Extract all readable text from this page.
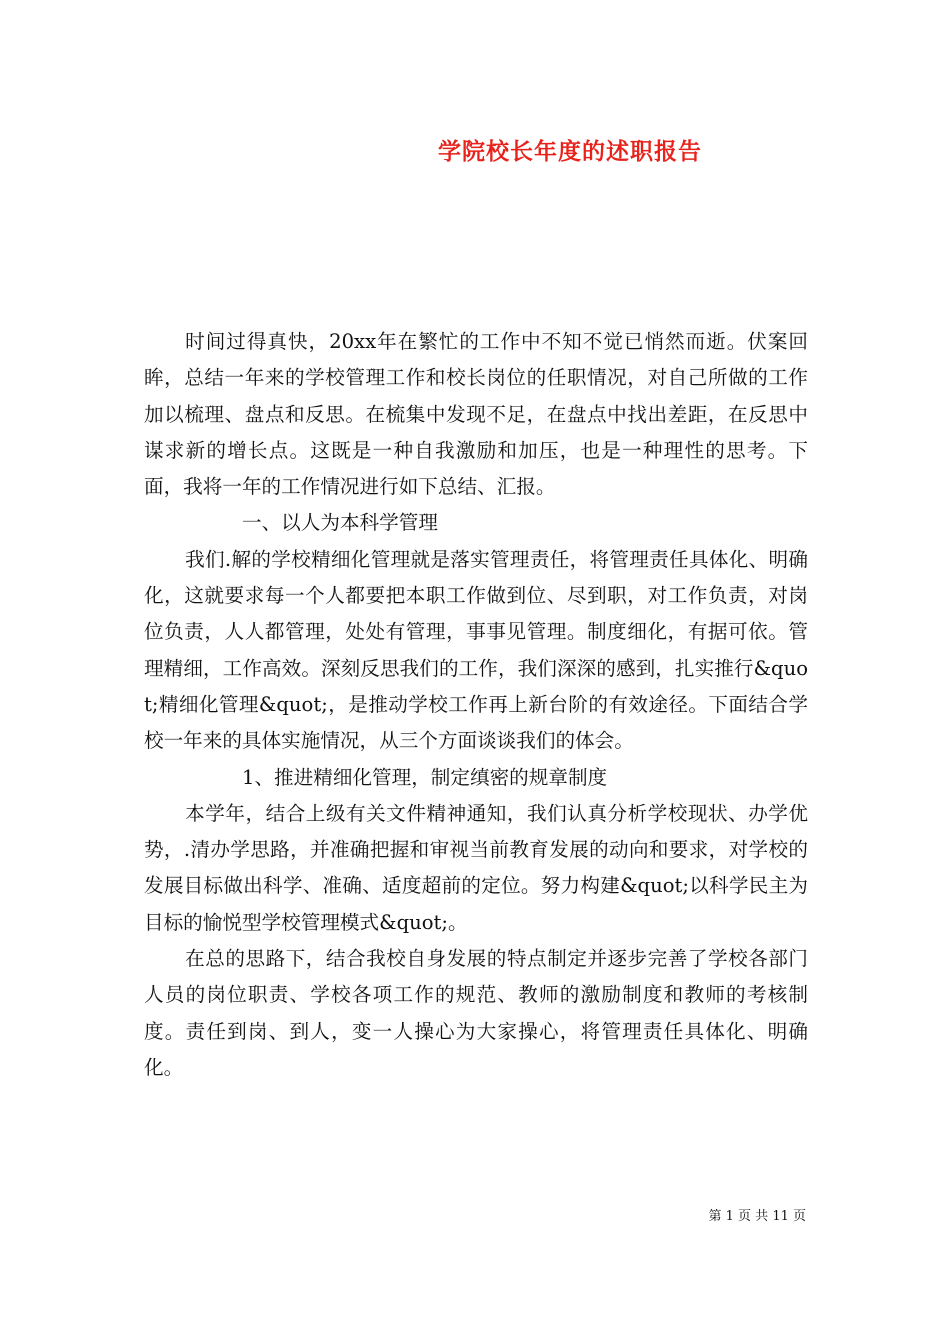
学院校长年度的述职报告

时间过得真快，20xx年在繁忙的工作中不知不觉已悄然而逝。伏案回眸，总结一年来的学校管理工作和校长岗位的任职情况，对自己所做的工作加以梳理、盘点和反思。在梳集中发现不足，在盘点中找出差距，在反思中谋求新的增长点。这既是一种自我激励和加压，也是一种理性的思考。下面，我将一年的工作情况进行如下总结、汇报。

一、以人为本科学管理

我们.解的学校精细化管理就是落实管理责任，将管理责任具体化、明确化，这就要求每一个人都要把本职工作做到位、尽到职，对工作负责，对岗位负责，人人都管理，处处有管理，事事见管理。制度细化，有据可依。管理精细，工作高效。深刻反思我们的工作，我们深深的感到，扎实推行&quot;精细化管理&quot;，是推动学校工作再上新台阶的有效途径。下面结合学校一年来的具体实施情况，从三个方面谈谈我们的体会。

1、推进精细化管理，制定缜密的规章制度

本学年，结合上级有关文件精神通知，我们认真分析学校现状、办学优势，.清办学思路，并准确把握和审视当前教育发展的动向和要求，对学校的发展目标做出科学、准确、适度超前的定位。努力构建&quot;以科学民主为目标的愉悦型学校管理模式&quot;。

在总的思路下，结合我校自身发展的特点制定并逐步完善了学校各部门人员的岗位职责、学校各项工作的规范、教师的激励制度和教师的考核制度。责任到岗、到人，变一人操心为大家操心，将管理责任具体化、明确化。

第 1 页 共 11 页
